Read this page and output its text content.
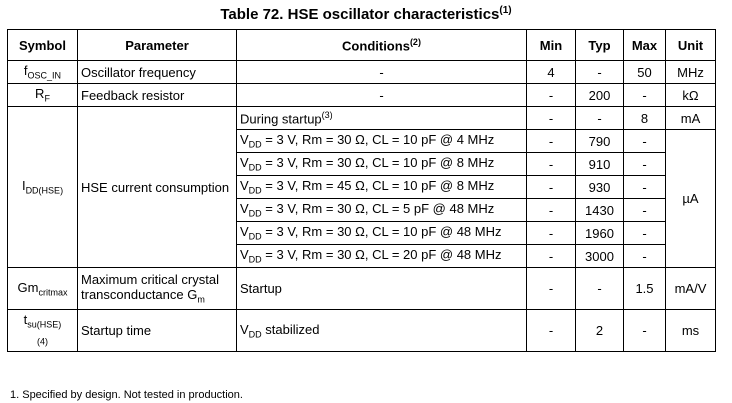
Table 72. HSE oscillator characteristics$^{(1)}$
Symbol	Parameter	Conditions$^{(2)}$	Min	Typ	Max	Unit
$f_{OSC\_IN}$	Oscillator frequency	-	4	-	50	MHz
$R_F$	Feedback resistor	-	-	200	-	kΩ
$I_{DD(HSE)}$	HSE current consumption	During startup$^{(3)}$	-	-	8	mA
		$V_{DD} = 3$ V, Rm = 30 Ω, CL = 10 pF @ 4 MHz	-	790	-	µA
		$V_{DD} = 3$ V, Rm = 30 Ω, CL = 10 pF @ 8 MHz	-	910	-	
		$V_{DD} = 3$ V, Rm = 45 Ω, CL = 10 pF @ 8 MHz	-	930	-	
		$V_{DD} = 3$ V, Rm = 30 Ω, CL = 5 pF @ 48 MHz	-	1430	-	
		$V_{DD} = 3$ V, Rm = 30 Ω, CL = 10 pF @ 48 MHz	-	1960	-	
		$V_{DD} = 3$ V, Rm = 30 Ω, CL = 20 pF @ 48 MHz	-	3000	-	
$Gm_{critmax}$	Maximum critical crystal transconductance $G_m$	Startup	-	-	1.5	mA/V
$t_{su(HSE)}$
$_{(4)}$	Startup time	$V_{DD}$ stabilized	-	2	-	ms
1. Specified by design. Not tested in production.
